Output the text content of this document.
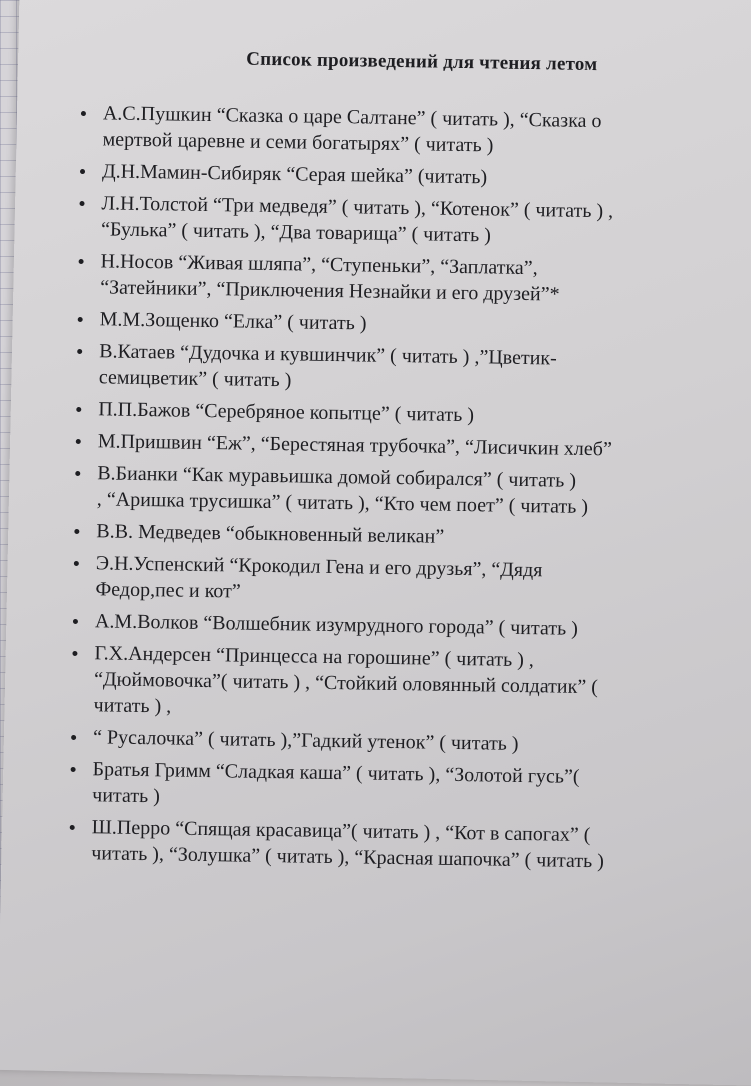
Список произведений для чтения летом
А.С.Пушкин “Сказка о царе Салтане” ( читать ), “Сказка о
мертвой царевне и семи богатырях” ( читать )
Д.Н.Мамин-Сибиряк “Серая шейка” (читать)
Л.Н.Толстой “Три медведя” ( читать ), “Котенок” ( читать ) ,
“Булька” ( читать ), “Два товарища” ( читать )
Н.Носов “Живая шляпа”, “Ступеньки”, “Заплатка”,
“Затейники”, “Приключения Незнайки и его друзей”*
М.М.Зощенко “Елка” ( читать )
В.Катаев “Дудочка и кувшинчик” ( читать ) ,”Цветик-
семицветик” ( читать )
П.П.Бажов “Серебряное копытце” ( читать )
М.Пришвин “Еж”, “Берестяная трубочка”, “Лисичкин хлеб”
В.Бианки “Как муравьишка домой собирался” ( читать )
, “Аришка трусишка” ( читать ), “Кто чем поет” ( читать )
В.В. Медведев “обыкновенный великан”
Э.Н.Успенский “Крокодил Гена и его друзья”, “Дядя
Федор,пес и кот”
А.М.Волков “Волшебник изумрудного города” ( читать )
Г.Х.Андерсен “Принцесса на горошине” ( читать ) ,
“Дюймовочка”( читать ) , “Стойкий оловянный солдатик” (
читать ) ,
“ Русалочка” ( читать ),”Гадкий утенок” ( читать )
Братья Гримм “Сладкая каша” ( читать ), “Золотой гусь”(
читать )
Ш.Перро “Спящая красавица”( читать ) , “Кот в сапогах” (
читать ), “Золушка” ( читать ), “Красная шапочка” ( читать )
